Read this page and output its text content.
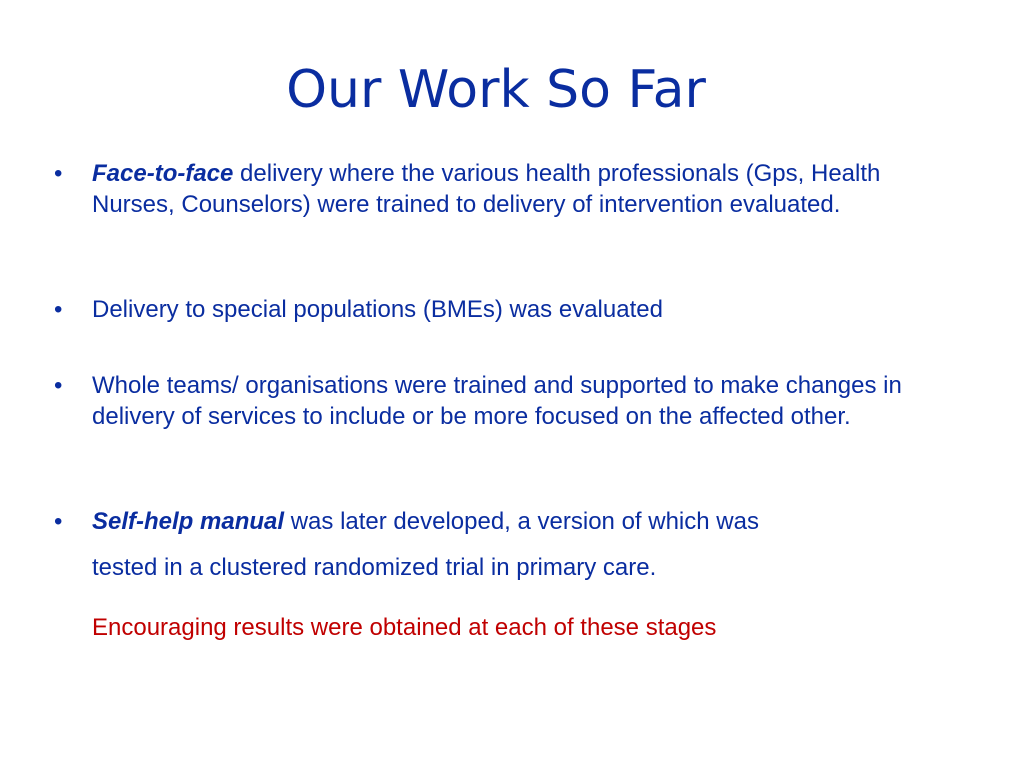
Our Work So Far
• Face-to-face delivery where the various health professionals (Gps, Health Nurses, Counselors) were trained to delivery of intervention evaluated.
• Delivery to special populations (BMEs) was evaluated
• Whole teams/ organisations were trained and supported to make changes in delivery of services to include or be more focused on the affected other.
• Self-help manual was later developed, a version of which was
tested in a clustered randomized trial in primary care.
Encouraging results were obtained at each of these stages
